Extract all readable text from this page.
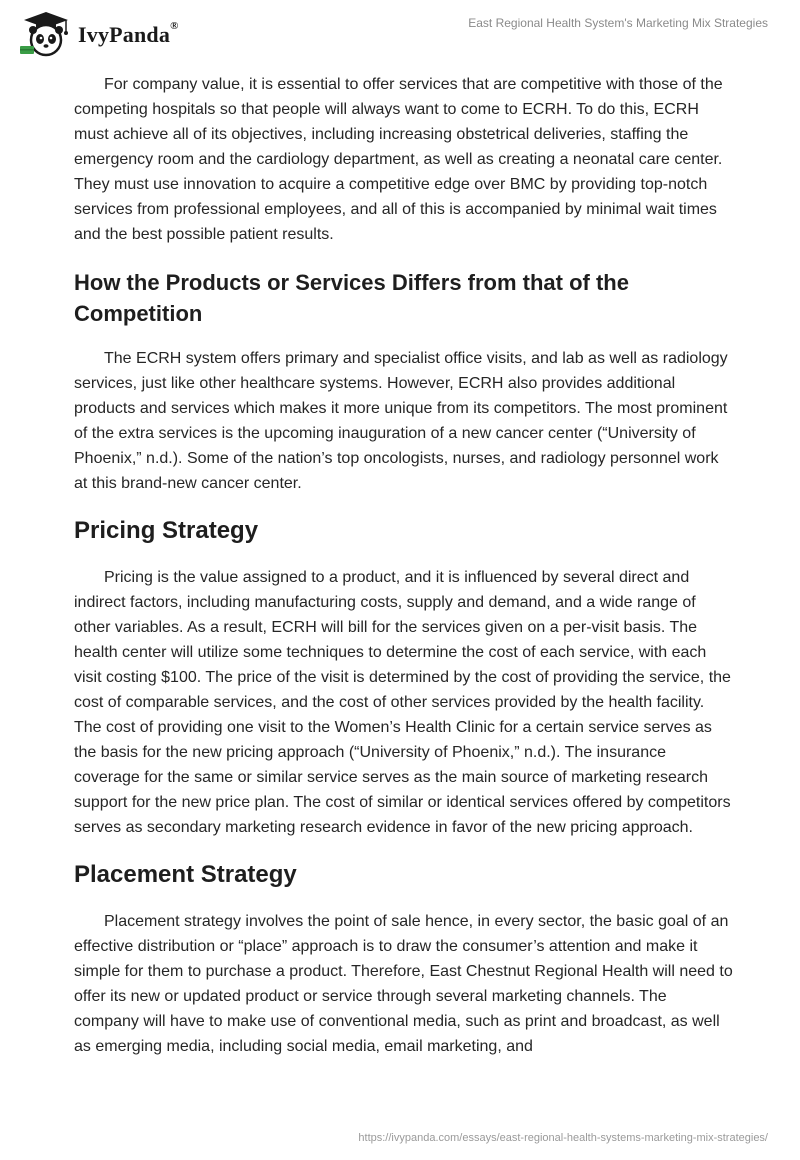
IvyPanda®	East Regional Health System's Marketing Mix Strategies

For company value, it is essential to offer services that are competitive with those of the competing hospitals so that people will always want to come to ECRH. To do this, ECRH must achieve all of its objectives, including increasing obstetrical deliveries, staffing the emergency room and the cardiology department, as well as creating a neonatal care center. They must use innovation to acquire a competitive edge over BMC by providing top-notch services from professional employees, and all of this is accompanied by minimal wait times and the best possible patient results.

How the Products or Services Differs from that of the Competition

The ECRH system offers primary and specialist office visits, and lab as well as radiology services, just like other healthcare systems. However, ECRH also provides additional products and services which makes it more unique from its competitors. The most prominent of the extra services is the upcoming inauguration of a new cancer center (“University of Phoenix,” n.d.). Some of the nation’s top oncologists, nurses, and radiology personnel work at this brand-new cancer center.

Pricing Strategy

Pricing is the value assigned to a product, and it is influenced by several direct and indirect factors, including manufacturing costs, supply and demand, and a wide range of other variables. As a result, ECRH will bill for the services given on a per-visit basis. The health center will utilize some techniques to determine the cost of each service, with each visit costing $100. The price of the visit is determined by the cost of providing the service, the cost of comparable services, and the cost of other services provided by the health facility. The cost of providing one visit to the Women’s Health Clinic for a certain service serves as the basis for the new pricing approach (“University of Phoenix,” n.d.). The insurance coverage for the same or similar service serves as the main source of marketing research support for the new price plan. The cost of similar or identical services offered by competitors serves as secondary marketing research evidence in favor of the new pricing approach.

Placement Strategy

Placement strategy involves the point of sale hence, in every sector, the basic goal of an effective distribution or “place” approach is to draw the consumer’s attention and make it simple for them to purchase a product. Therefore, East Chestnut Regional Health will need to offer its new or updated product or service through several marketing channels. The company will have to make use of conventional media, such as print and broadcast, as well as emerging media, including social media, email marketing, and

https://ivypanda.com/essays/east-regional-health-systems-marketing-mix-strategies/
